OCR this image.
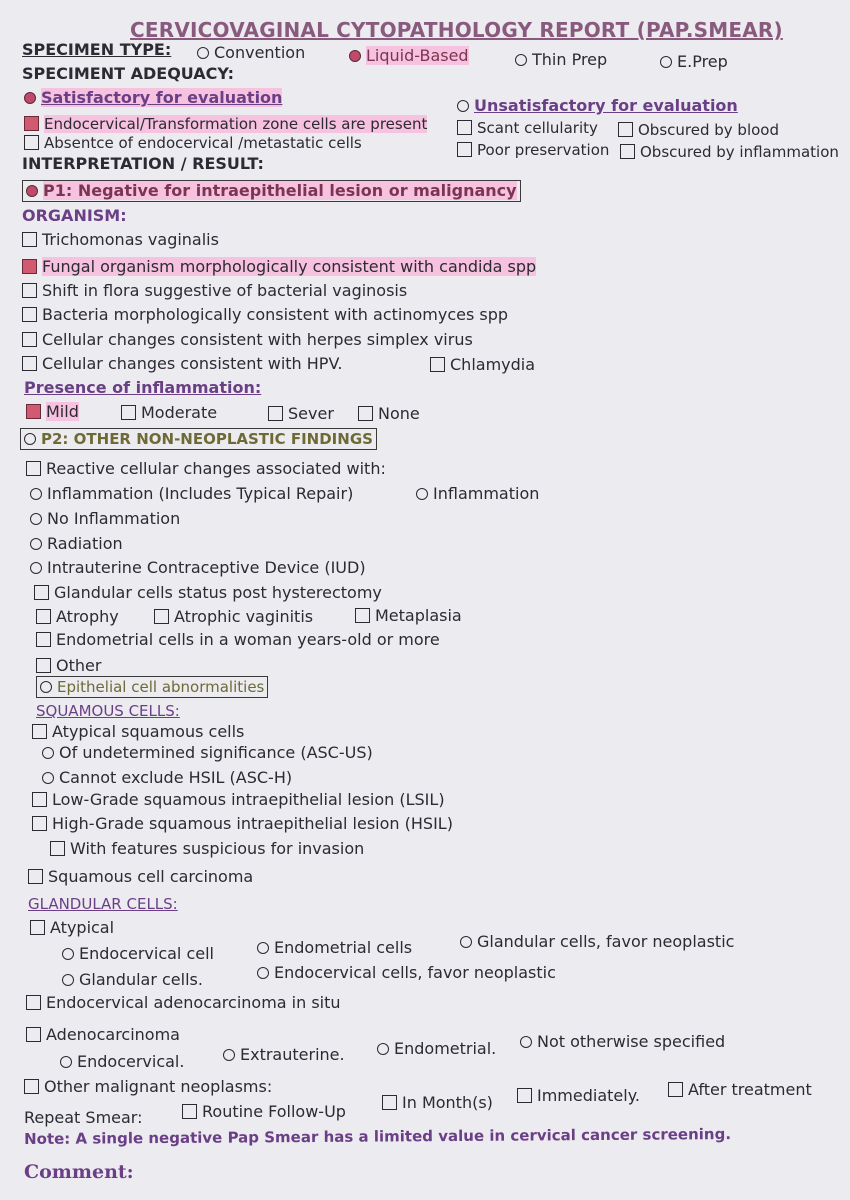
CERVICOVAGINAL CYTOPATHOLOGY REPORT (PAP.SMEAR)
SPECIMEN TYPE:	Convention	Liquid-Based	Thin Prep	E.Prep
SPECIMENT ADEQUACY:
Satisfactory for evaluation
Endocervical/Transformation zone cells are present
Absentce of endocervical /metastatic cells
Unsatisfactory for evaluation
Scant cellularity	Obscured by blood
Poor preservation	Obscured by inflammation
INTERPRETATION / RESULT:
P1: Negative for intraepithelial lesion or malignancy
ORGANISM:
Trichomonas vaginalis
Fungal organism morphologically consistent with candida spp
Shift in flora suggestive of bacterial vaginosis
Bacteria morphologically consistent with actinomyces spp
Cellular changes consistent with herpes simplex virus
Cellular changes consistent with HPV.	Chlamydia
Presence of inflammation:
Mild	Moderate	Sever	None
P2: OTHER NON-NEOPLASTIC FINDINGS
Reactive cellular changes associated with:
Inflammation (Includes Typical Repair)	Inflammation
No Inflammation
Radiation
Intrauterine Contraceptive Device (IUD)
Glandular cells status post hysterectomy
Atrophy	Atrophic vaginitis	Metaplasia
Endometrial cells in a woman years-old or more
Other
Epithelial cell abnormalities
SQUAMOUS CELLS:
Atypical squamous cells
Of undetermined significance (ASC-US)
Cannot exclude HSIL (ASC-H)
Low-Grade squamous intraepithelial lesion (LSIL)
High-Grade squamous intraepithelial lesion (HSIL)
With features suspicious for invasion
Squamous cell carcinoma
GLANDULAR CELLS:
Atypical
Endocervical cell	Endometrial cells	Glandular cells, favor neoplastic
Glandular cells.	Endocervical cells, favor neoplastic
Endocervical adenocarcinoma in situ
Adenocarcinoma
Endocervical.	Extrauterine.	Endometrial.	Not otherwise specified
Other malignant neoplasms:
Repeat Smear:	Routine Follow-Up	In Month(s)	Immediately.	After treatment
Note: A single negative Pap Smear has a limited value in cervical cancer screening.
Comment:
